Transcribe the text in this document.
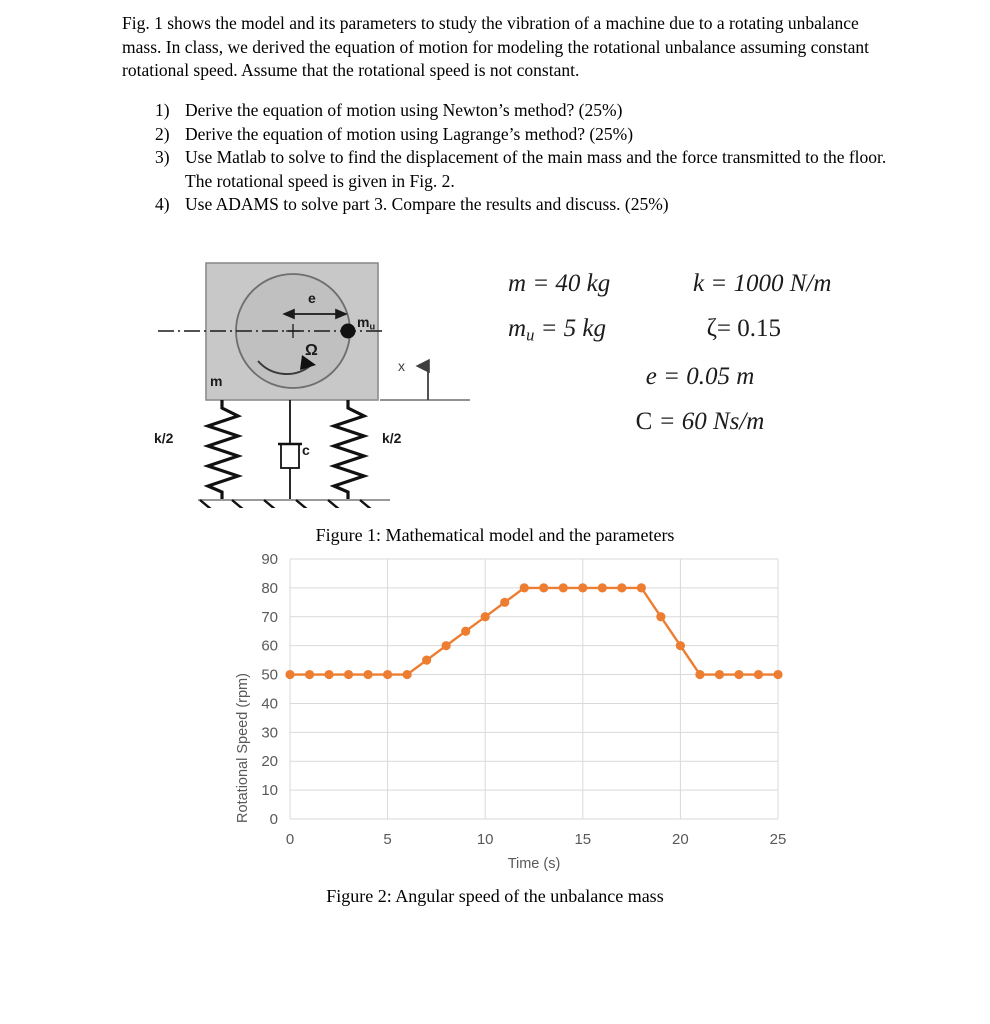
Fig. 1 shows the model and its parameters to study the vibration of a machine due to a rotating unbalance mass. In class, we derived the equation of motion for modeling the rotational unbalance assuming constant rotational speed. Assume that the rotational speed is not constant.
1) Derive the equation of motion using Newton’s method? (25%)
2) Derive the equation of motion using Lagrange’s method? (25%)
3) Use Matlab to solve to find the displacement of the main mass and the force transmitted to the floor. The rotational speed is given in Fig. 2.
4) Use ADAMS to solve part 3. Compare the results and discuss. (25%)
m
$m_u$
e
Ω
k/2	k/2
c
x
m = 40 kg	k = 1000 N/m
$m_u = 5$ kg	ζ= 0.15
e = 0.05 m
C = 60 Ns/m
Figure 1: Mathematical model and the parameters
0
10
20
30
40
50
60
70
80
90
0	5	10	15	20	25
Rotational Speed (rpm)
Time (s)
Figure 2: Angular speed of the unbalance mass
